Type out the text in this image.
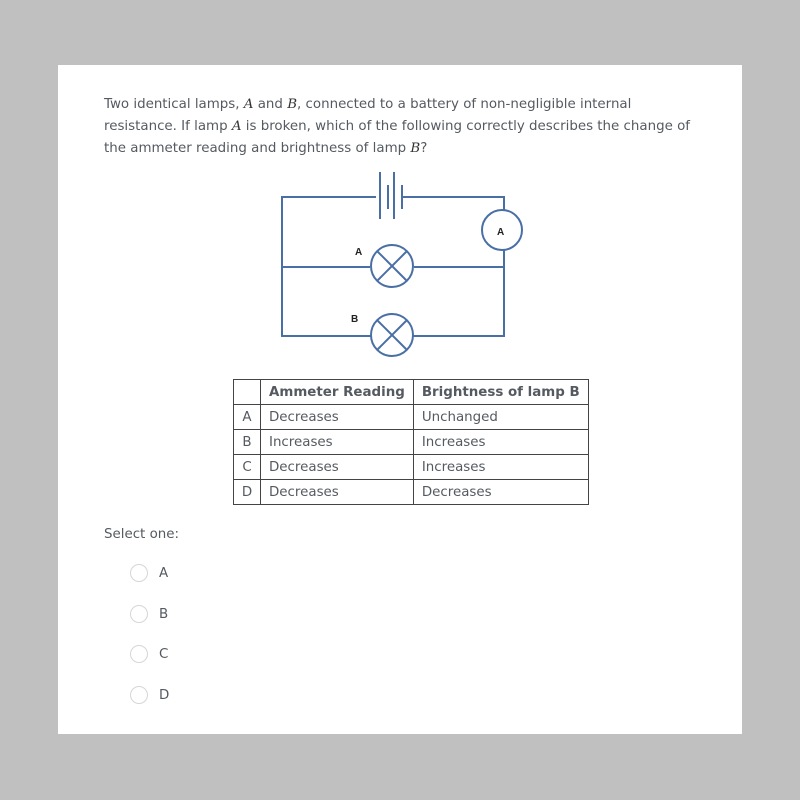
Two identical lamps, A and B, connected to a battery of non-negligible internal resistance. If lamp A is broken, which of the following correctly describes the change of the ammeter reading and brightness of lamp B?
A
A
B
	Ammeter Reading	Brightness of lamp B
A	Decreases	Unchanged
B	Increases	Increases
C	Decreases	Increases
D	Decreases	Decreases
Select one:
A
B
C
D
